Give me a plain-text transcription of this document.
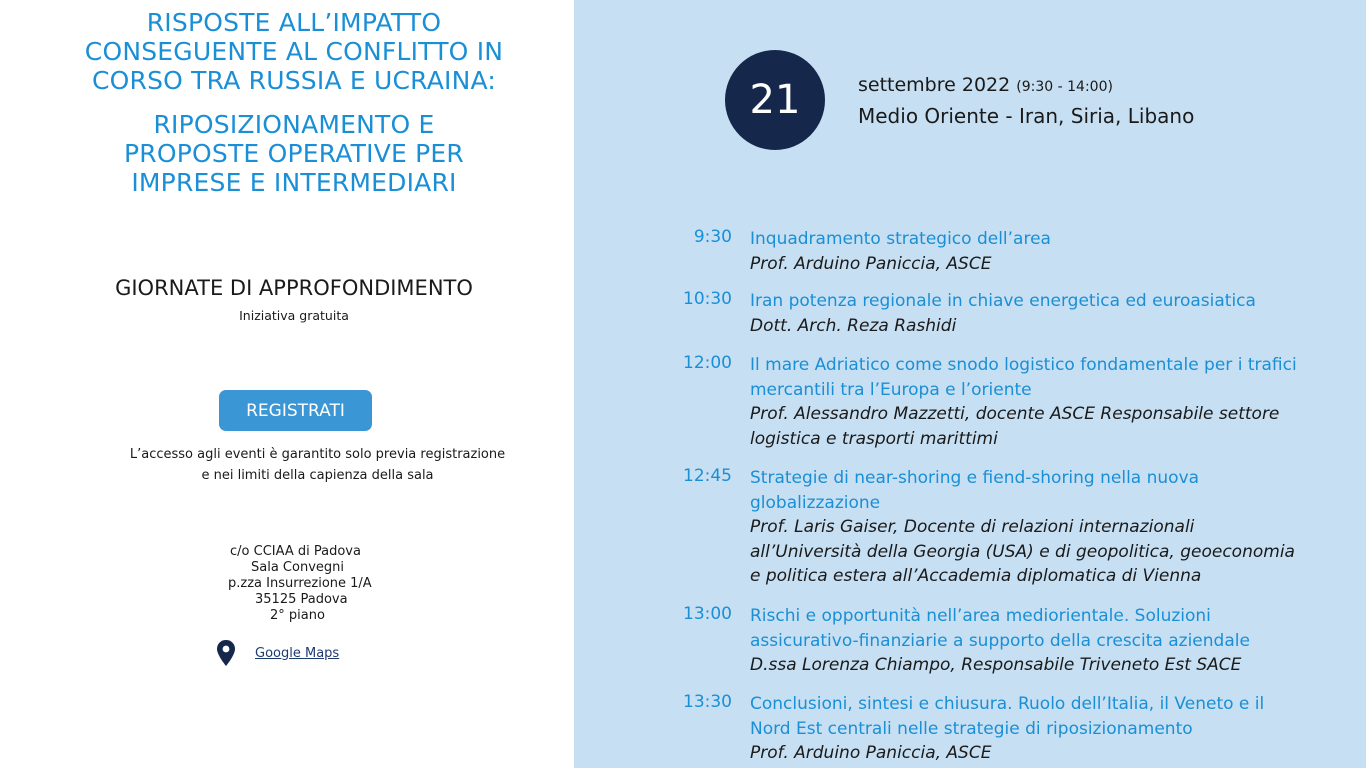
RISPOSTE ALL’IMPATTO
CONSEGUENTE AL CONFLITTO IN
CORSO TRA RUSSIA E UCRAINA:
RIPOSIZIONAMENTO E
PROPOSTE OPERATIVE PER
IMPRESE E INTERMEDIARI
GIORNATE DI APPROFONDIMENTO
Iniziativa gratuita
REGISTRATI
L’accesso agli eventi è garantito solo previa registrazione
e nei limiti della capienza della sala
c/o CCIAA di Padova
Sala Convegni
p.zza Insurrezione 1/A
35125 Padova
2° piano
Google Maps
21	settembre 2022 (9:30 - 14:00)
Medio Oriente - Iran, Siria, Libano
9:30 Inquadramento strategico dell’area
Prof. Arduino Paniccia, ASCE
10:30 Iran potenza regionale in chiave energetica ed euroasiatica
Dott. Arch. Reza Rashidi
12:00 Il mare Adriatico come snodo logistico fondamentale per i trafici mercantili tra l’Europa e l’oriente
Prof. Alessandro Mazzetti, docente ASCE Responsabile settore logistica e trasporti marittimi
12:45 Strategie di near-shoring e fiend-shoring nella nuova globalizzazione
Prof. Laris Gaiser, Docente di relazioni internazionali all’Università della Georgia (USA) e di geopolitica, geoeconomia e politica estera all’Accademia diplomatica di Vienna
13:00 Rischi e opportunità nell’area mediorientale. Soluzioni assicurativo-finanziarie a supporto della crescita aziendale
D.ssa Lorenza Chiampo, Responsabile Triveneto Est SACE
13:30 Conclusioni, sintesi e chiusura. Ruolo dell’Italia, il Veneto e il Nord Est centrali nelle strategie di riposizionamento
Prof. Arduino Paniccia, ASCE
